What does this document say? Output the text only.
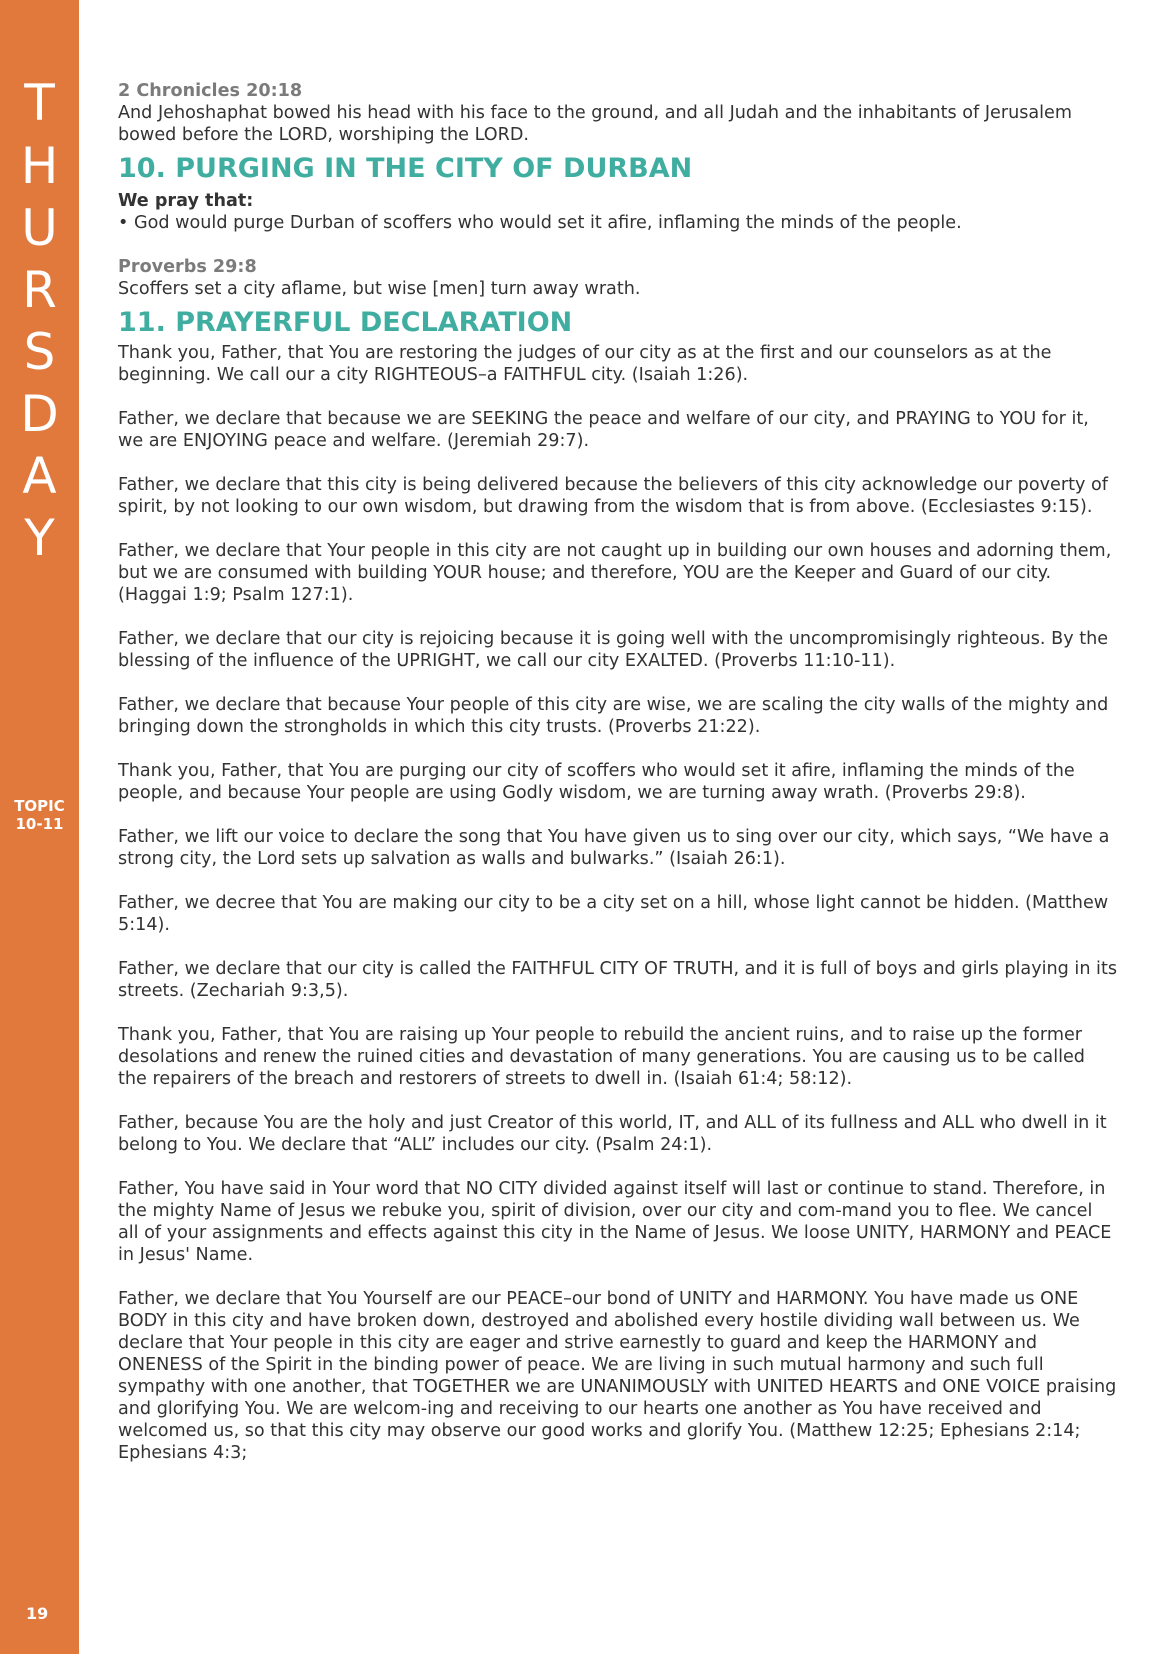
T
H
U
R
S
D
A
Y
TOPIC
10-11
19

2 Chronicles 20:18

And Jehoshaphat bowed his head with his face to the ground, and all Judah and the inhabitants of Jerusalem bowed before the LORD, worshiping the LORD.

10. PURGING IN THE CITY OF DURBAN

We pray that:

• God would purge Durban of scoffers who would set it afire, inflaming the minds of the people.

Proverbs 29:8

Scoffers set a city aflame, but wise [men] turn away wrath.

11. PRAYERFUL DECLARATION

Thank you, Father, that You are restoring the judges of our city as at the first and our counselors as at the beginning. We call our a city RIGHTEOUS–a FAITHFUL city. (Isaiah 1:26).

Father, we declare that because we are SEEKING the peace and welfare of our city, and PRAYING to YOU for it, we are ENJOYING peace and welfare. (Jeremiah 29:7).

Father, we declare that this city is being delivered because the believers of this city acknowledge our poverty of spirit, by not looking to our own wisdom, but drawing from the wisdom that is from above. (Ecclesiastes 9:15).

Father, we declare that Your people in this city are not caught up in building our own houses and adorning them, but we are consumed with building YOUR house; and therefore, YOU are the Keeper and Guard of our city. (Haggai 1:9; Psalm 127:1).

Father, we declare that our city is rejoicing because it is going well with the uncompromisingly righteous. By the blessing of the influence of the UPRIGHT, we call our city EXALTED. (Proverbs 11:10-11).

Father, we declare that because Your people of this city are wise, we are scaling the city walls of the mighty and bringing down the strongholds in which this city trusts. (Proverbs 21:22).

Thank you, Father, that You are purging our city of scoffers who would set it afire, inflaming the minds of the people, and because Your people are using Godly wisdom, we are turning away wrath. (Proverbs 29:8).

Father, we lift our voice to declare the song that You have given us to sing over our city, which says, “We have a strong city, the Lord sets up salvation as walls and bulwarks.” (Isaiah 26:1).

Father, we decree that You are making our city to be a city set on a hill, whose light cannot be hidden. (Matthew 5:14).

Father, we declare that our city is called the FAITHFUL CITY OF TRUTH, and it is full of boys and girls playing in its streets. (Zechariah 9:3,5).

Thank you, Father, that You are raising up Your people to rebuild the ancient ruins, and to raise up the former desolations and renew the ruined cities and devastation of many generations. You are causing us to be called the repairers of the breach and restorers of streets to dwell in. (Isaiah 61:4; 58:12).

Father, because You are the holy and just Creator of this world, IT, and ALL of its fullness and ALL who dwell in it belong to You. We declare that “ALL” includes our city. (Psalm 24:1).

Father, You have said in Your word that NO CITY divided against itself will last or continue to stand. Therefore, in the mighty Name of Jesus we rebuke you, spirit of division, over our city and com-mand you to flee. We cancel all of your assignments and effects against this city in the Name of Jesus. We loose UNITY, HARMONY and PEACE in Jesus' Name.

Father, we declare that You Yourself are our PEACE–our bond of UNITY and HARMONY. You have made us ONE BODY in this city and have broken down, destroyed and abolished every hostile dividing wall between us. We declare that Your people in this city are eager and strive earnestly to guard and keep the HARMONY and ONENESS of the Spirit in the binding power of peace. We are living in such mutual harmony and such full sympathy with one another, that TOGETHER we are UNANIMOUSLY with UNITED HEARTS and ONE VOICE praising and glorifying You. We are welcom-ing and receiving to our hearts one another as You have received and welcomed us, so that this city may observe our good works and glorify You. (Matthew 12:25; Ephesians 2:14; Ephesians 4:3;
